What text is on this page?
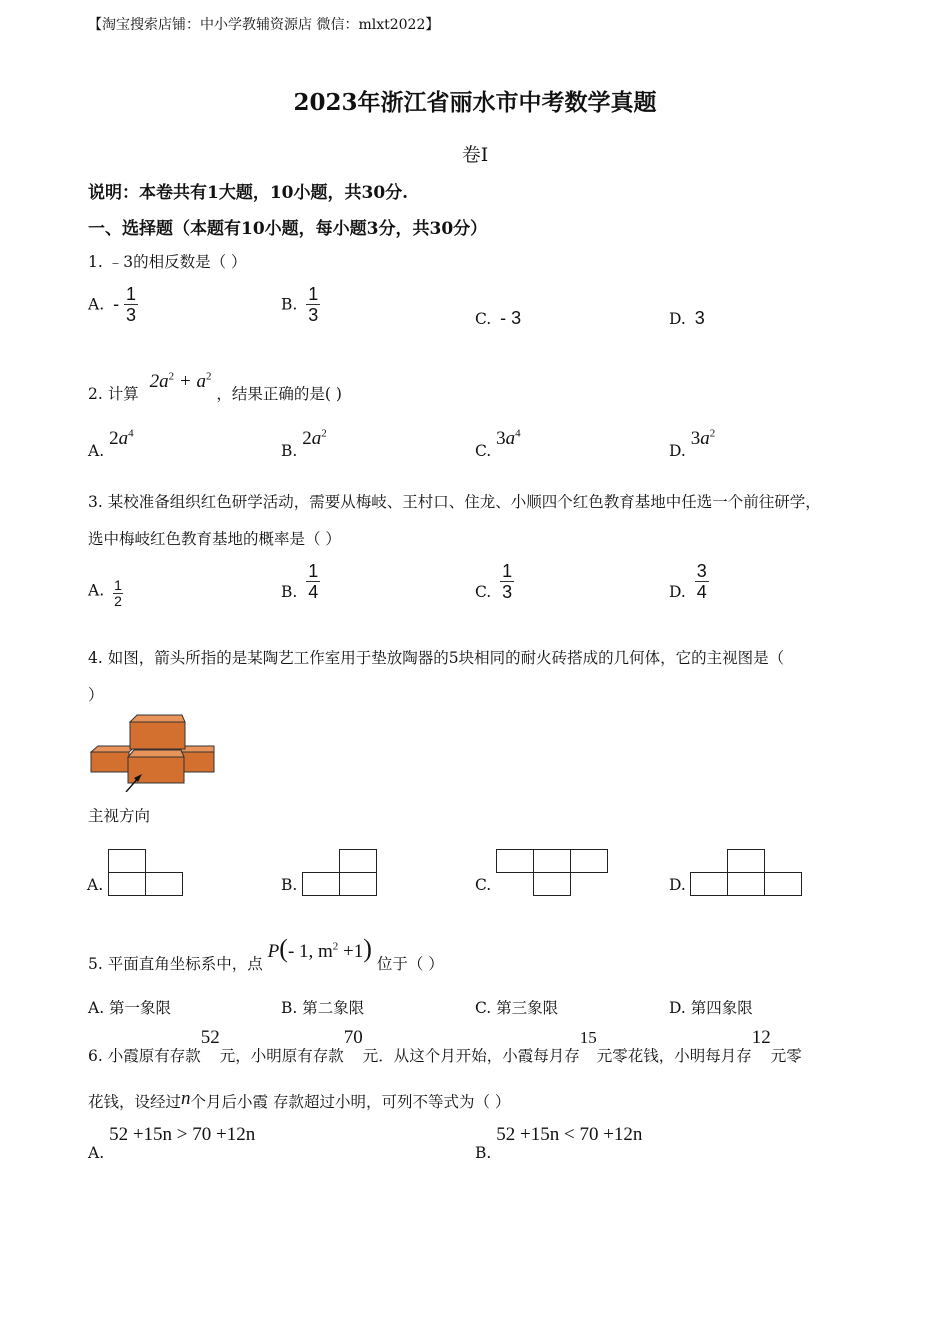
【淘宝搜索店铺：中小学教辅资源店 微信：mlxt2022】
2023年浙江省丽水市中考数学真题
卷Ⅰ
说明：本卷共有1大题，10小题，共30分.
一、选择题（本题有10小题，每小题3分，共30分）
1. ﹣3的相反数是（ ）
A. - $\frac{1}{3}$	B. $\frac{1}{3}$	C. - 3	D. 3
2. 计算 $2a^2 + a^2$ ，结果正确的是( )
A. $2a^4$
B. $2a^2$
C. $3a^4$
D. $3a^2$
3. 某校准备组织红色研学活动，需要从梅岐、王村口、住龙、小顺四个红色教育基地中任选一个前往研学，
选中梅岐红色教育基地的概率是（ ）
A. $\frac{1}{2}$	B. $\frac{1}{4}$	C. $\frac{1}{3}$	D. $\frac{3}{4}$
4. 如图，箭头所指的是某陶艺工作室用于垫放陶器的5块相同的耐火砖搭成的几何体，它的主视图是（
）
主视方向
A.	B.	C.	D.
5. 平面直角坐标系中，点 P(- 1, $m^2 +1$) 位于（ ）
A. 第一象限	B. 第二象限	C. 第三象限	D. 第四象限
6. 小霞原有存款52元，小明原有存款70元．从这个月开始，小霞每月存15元零花钱，小明每月存12元零
花钱，设经过n个月后小霞 存款超过小明，可列不等式为（ ）
A. 52 +15n > 70 +12n
B. 52 +15n < 70 +12n
